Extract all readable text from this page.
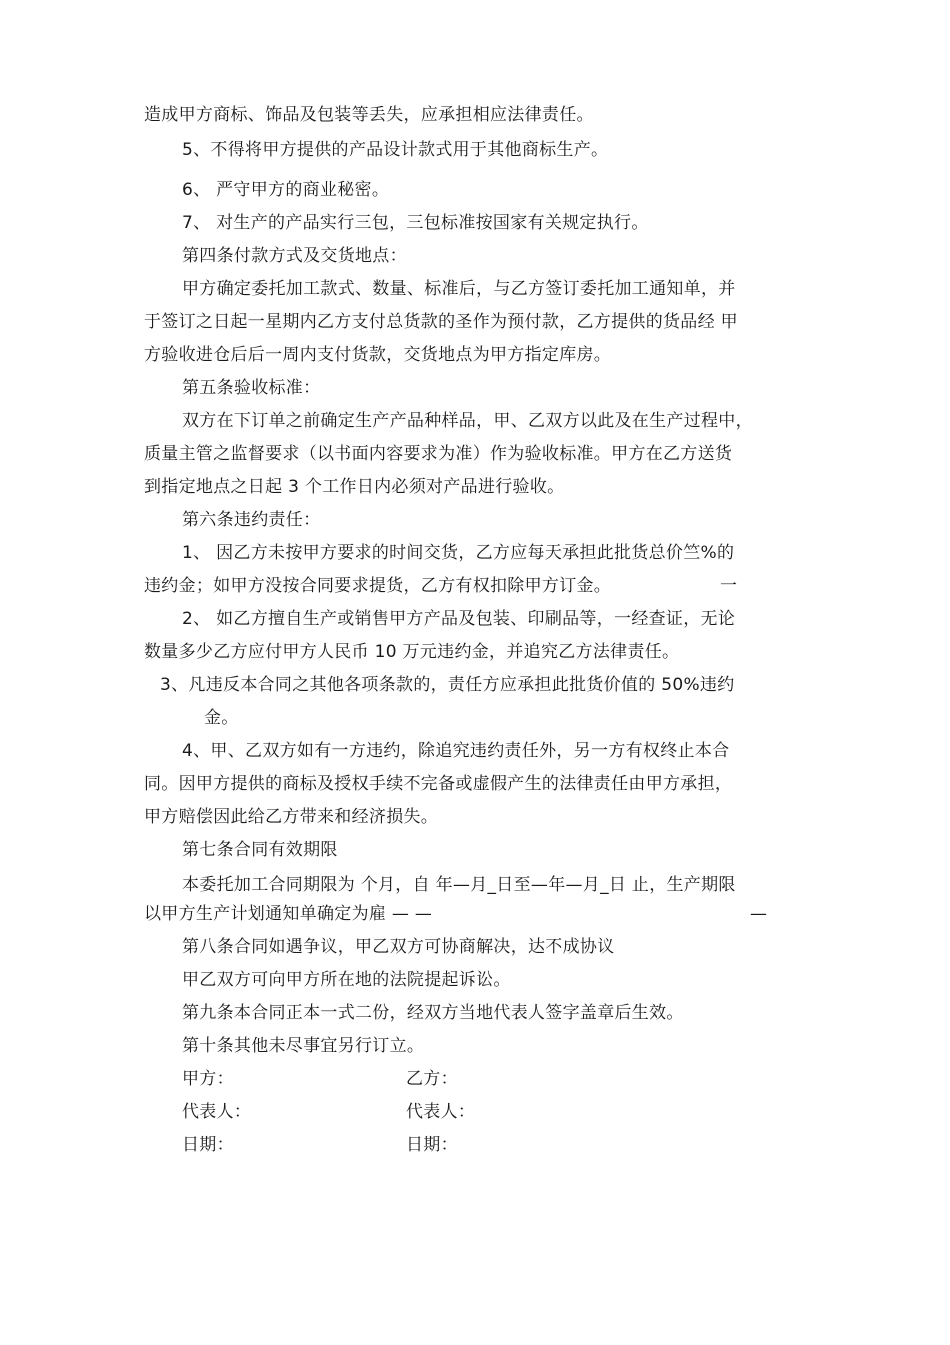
造成甲方商标、饰品及包装等丢失，应承担相应法律责任。
5、不得将甲方提供的产品设计款式用于其他商标生产。
6、 严守甲方的商业秘密。
7、 对生产的产品实行三包，三包标准按国家有关规定执行。
第四条付款方式及交货地点：
甲方确定委托加工款式、数量、标准后，与乙方签订委托加工通知单，并
于签订之日起一星期内乙方支付总货款的圣作为预付款，乙方提供的货品经 甲
方验收进仓后后一周内支付货款，交货地点为甲方指定库房。
第五条验收标准：
双方在下订单之前确定生产产品种样品，甲、乙双方以此及在生产过程中，
质量主管之监督要求（以书面内容要求为准）作为验收标准。甲方在乙方送货
到指定地点之日起 3 个工作日内必须对产品进行验收。
第六条违约责任：
1、 因乙方未按甲方要求的时间交货，乙方应每天承担此批货总价竺%的
违约金；如甲方没按合同要求提货，乙方有权扣除甲方订金。	一
2、 如乙方擅自生产或销售甲方产品及包装、印刷品等，一经查证，无论
数量多少乙方应付甲方人民币 10 万元违约金，并追究乙方法律责任。
3、凡违反本合同之其他各项条款的，责任方应承担此批货价值的 50%违约
金。
4、甲、乙双方如有一方违约，除追究违约责任外，另一方有权终止本合
同。因甲方提供的商标及授权手续不完备或虚假产生的法律责任由甲方承担，
甲方赔偿因此给乙方带来和经济损失。
第七条合同有效期限
本委托加工合同期限为 个月，自 年—月_日至—年—月_日 止，生产期限
以甲方生产计划通知单确定为雇 — —	—
第八条合同如遇争议，甲乙双方可协商解决，达不成协议
甲乙双方可向甲方所在地的法院提起诉讼。
第九条本合同正本一式二份，经双方当地代表人签字盖章后生效。
第十条其他未尽事宜另行订立。
甲方：	乙方：
代表人：	代表人：
日期：	日期：
